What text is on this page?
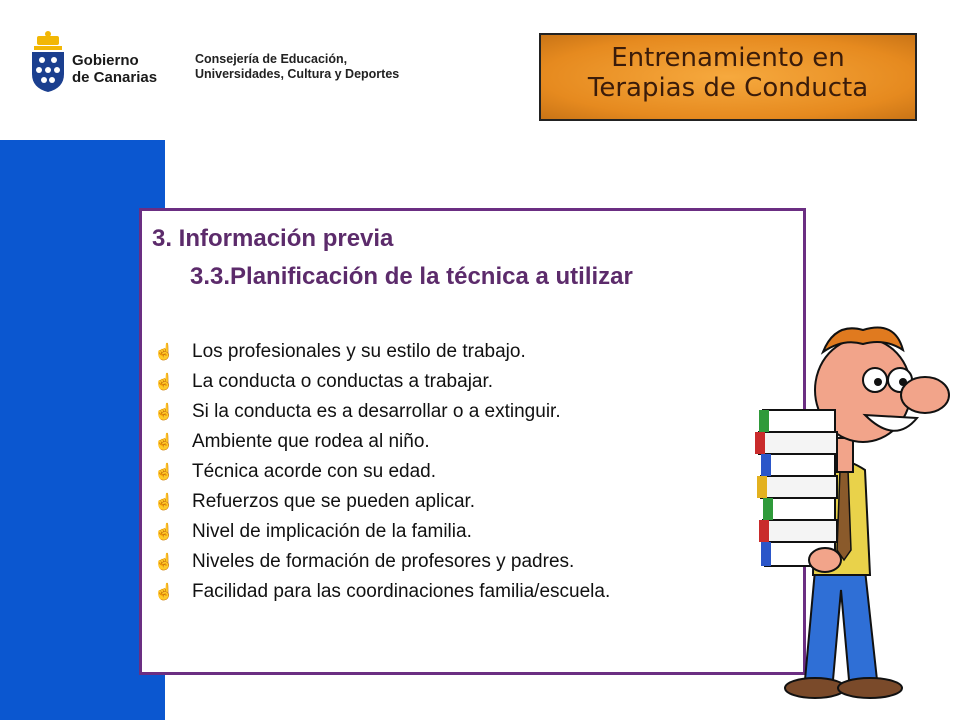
Gobierno
de Canarias
Consejería de Educación,
Universidades, Cultura y Deportes
Entrenamiento en
Terapias de Conducta
3. Información previa
3.3.Planificación de la técnica a utilizar
☝ Los profesionales y su estilo de trabajo.
☝ La conducta o conductas a trabajar.
☝ Si la conducta es a desarrollar o a extinguir.
☝ Ambiente que rodea al niño.
☝ Técnica acorde con su edad.
☝ Refuerzos que se pueden aplicar.
☝ Nivel de implicación de la familia.
☝ Niveles de formación de profesores y padres.
☝ Facilidad para las coordinaciones familia/escuela.
